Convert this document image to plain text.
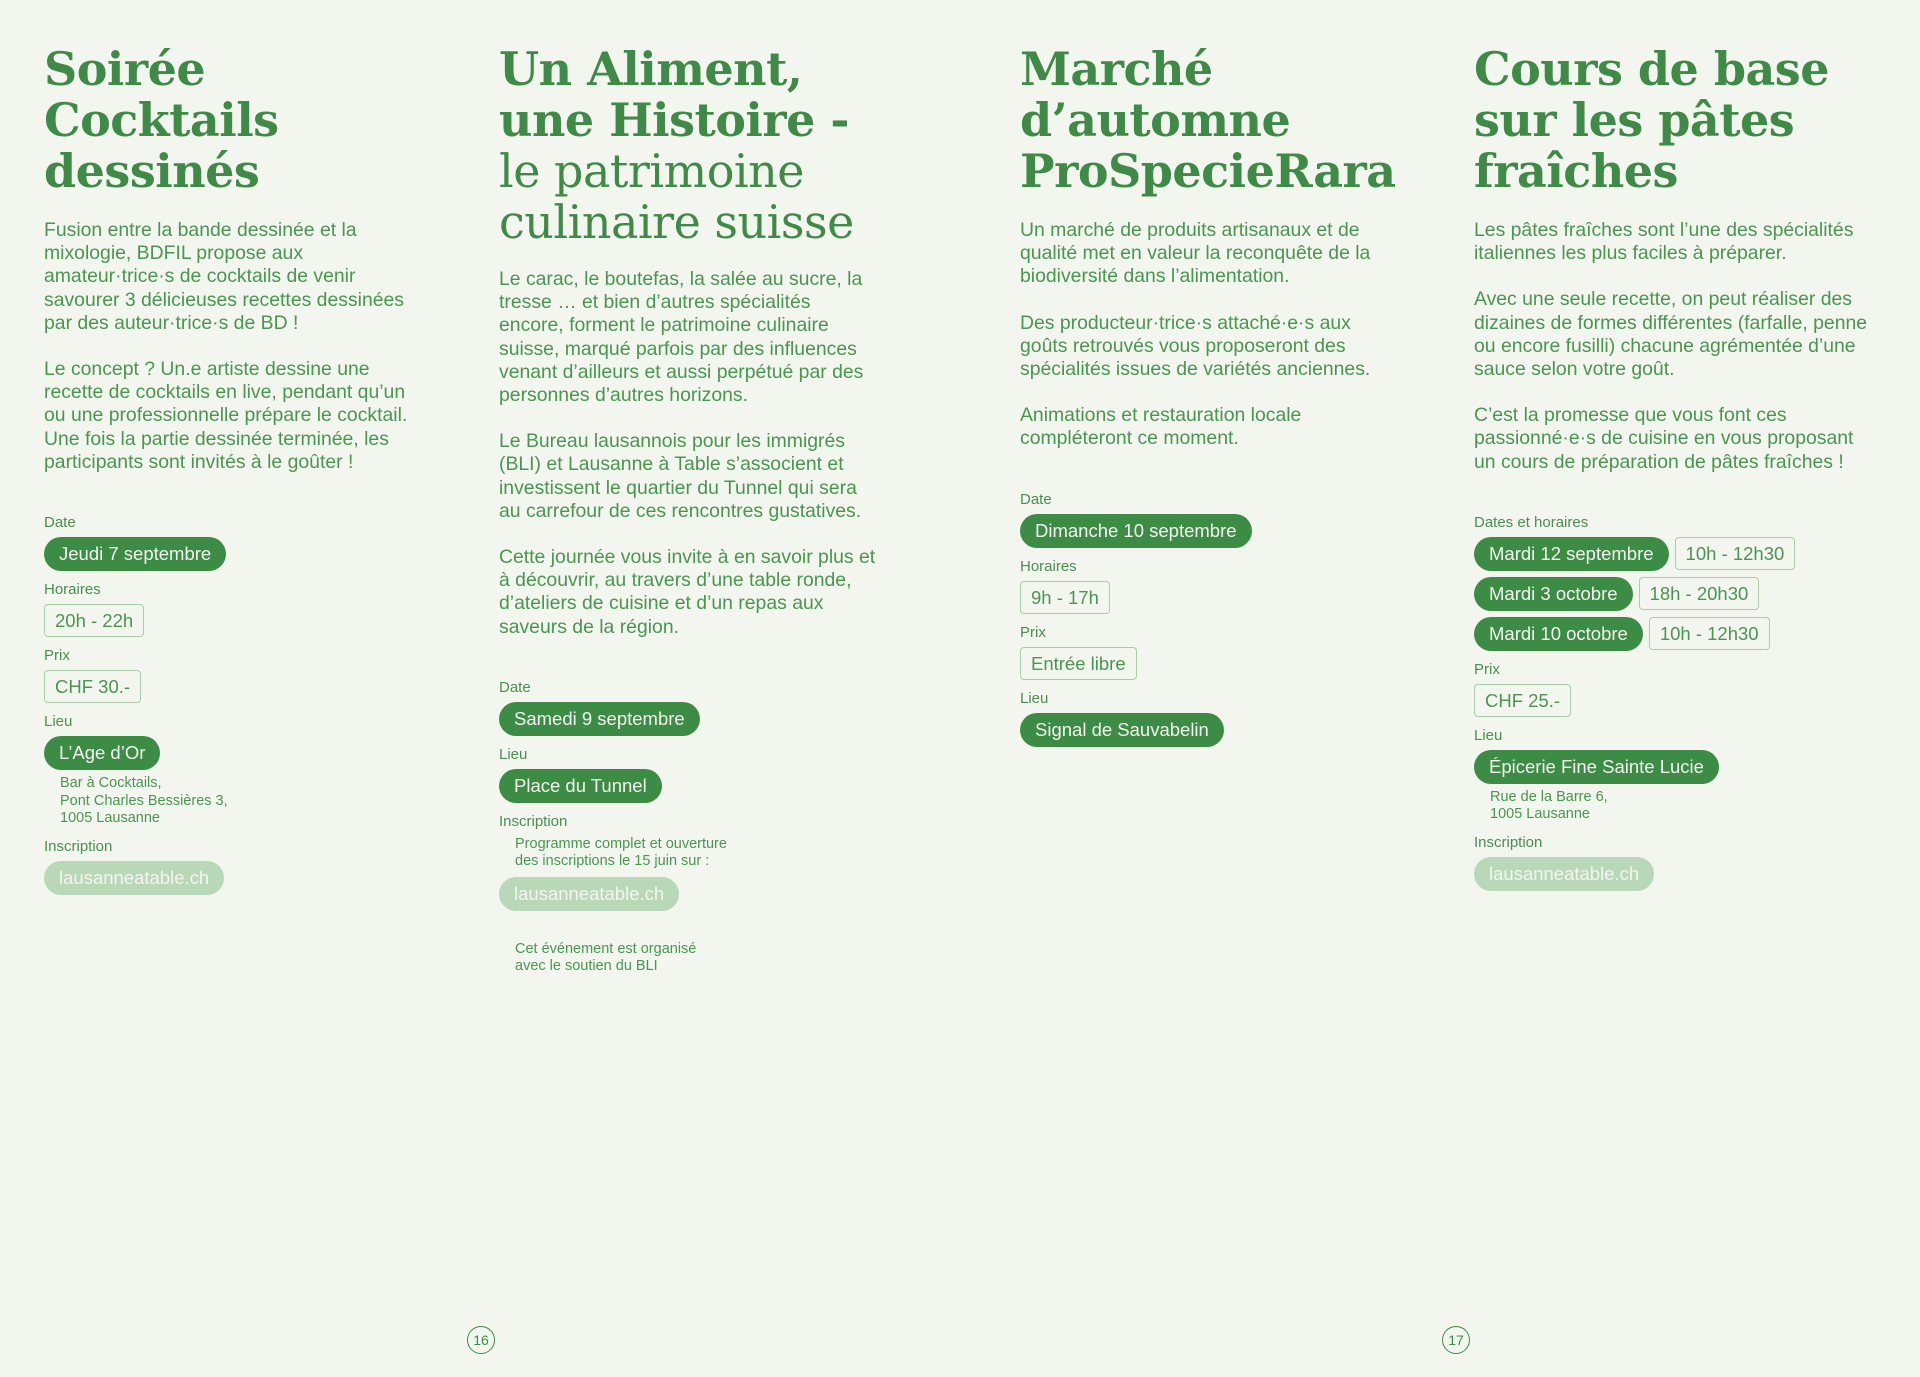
Soirée
Cocktails
dessinés

Fusion entre la bande dessinée et la mixologie, BDFIL propose aux amateur·trice·s de cocktails de venir savourer 3 délicieuses recettes dessinées par des auteur·trice·s de BD !

Le concept ? Un.e artiste dessine une recette de cocktails en live, pendant qu’un ou une professionnelle prépare le cocktail. Une fois la partie dessinée terminée, les participants sont invités à le goûter !

Date
Jeudi 7 septembre
Horaires
20h - 22h
Prix
CHF 30.-
Lieu
L’Age d’Or
Bar à Cocktails,
Pont Charles Bessières 3,
1005 Lausanne
Inscription
lausanneatable.ch
Un Aliment,
une Histoire -
le patrimoine
culinaire suisse

Le carac, le boutefas, la salée au sucre, la tresse … et bien d’autres spécialités encore, forment le patrimoine culinaire suisse, marqué parfois par des influences venant d’ailleurs et aussi perpétué par des personnes d’autres horizons.

Le Bureau lausannois pour les immigrés (BLI) et Lausanne à Table s’associent et investissent le quartier du Tunnel qui sera au carrefour de ces rencontres gustatives.

Cette journée vous invite à en savoir plus et à découvrir, au travers d’une table ronde, d’ateliers de cuisine et d’un repas aux saveurs de la région.

Date
Samedi 9 septembre
Lieu
Place du Tunnel
Inscription
Programme complet et ouverture
des inscriptions le 15 juin sur :
lausanneatable.ch
Cet événement est organisé
avec le soutien du BLI
Marché
d’automne
ProSpecieRara

Un marché de produits artisanaux et de qualité met en valeur la reconquête de la biodiversité dans l’alimentation.

Des producteur·trice·s attaché·e·s aux goûts retrouvés vous proposeront des spécialités issues de variétés anciennes.

Animations et restauration locale compléteront ce moment.

Date
Dimanche 10 septembre
Horaires
9h - 17h
Prix
Entrée libre
Lieu
Signal de Sauvabelin
Cours de base
sur les pâtes
fraîches

Les pâtes fraîches sont l’une des spécialités italiennes les plus faciles à préparer.

Avec une seule recette, on peut réaliser des dizaines de formes différentes (farfalle, penne ou encore fusilli) chacune agrémentée d’une sauce selon votre goût.

C’est la promesse que vous font ces passionné·e·s de cuisine en vous proposant un cours de préparation de pâtes fraîches !

Dates et horaires
Mardi 12 septembre	10h - 12h30
Mardi 3 octobre	18h - 20h30
Mardi 10 octobre	10h - 12h30
Prix
CHF 25.-
Lieu
Épicerie Fine Sainte Lucie
Rue de la Barre 6,
1005 Lausanne
Inscription
lausanneatable.ch
16	17
